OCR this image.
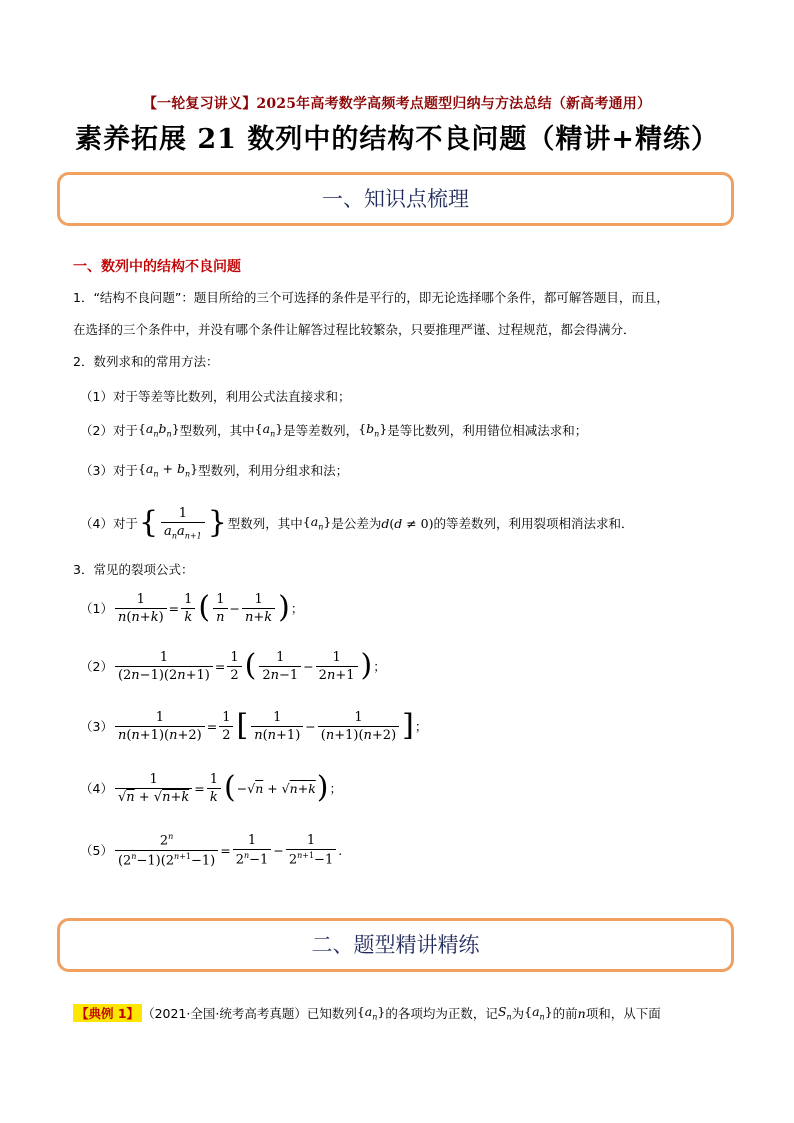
【一轮复习讲义】2025年高考数学高频考点题型归纳与方法总结（新高考通用）
素养拓展 21 数列中的结构不良问题（精讲+精练）
一、知识点梳理
一、数列中的结构不良问题
1．“结构不良问题”：题目所给的三个可选择的条件是平行的，即无论选择哪个条件，都可解答题目，而且，
在选择的三个条件中，并没有哪个条件让解答过程比较繁杂，只要推理严谨、过程规范，都会得满分．
2．数列求和的常用方法：
（1）对于等差等比数列，利用公式法直接求和；
（2）对于 $\{a_nb_n\}$ 型数列，其中 $\{a_n\}$ 是等差数列， $\{b_n\}$ 是等比数列，利用错位相减法求和；
（3）对于 $\{a_n + b_n\}$ 型数列，利用分组求和法；
（4）对于 { $\frac{1}{a_na_{n+1}}$ } 型数列，其中 $\{a_n\}$ 是公差为 d(d ≠ 0) 的等差数列，利用裂项相消法求和．
3．常见的裂项公式：
$(1) \frac{1}{n(n+k)} = \frac{1}{k}$ ( $\frac{1}{n} - \frac{1}{n+k}$ ) ；
$(2) \frac{1}{(2n-1)(2n+1)} = \frac{1}{2}$ ( $\frac{1}{2n-1} - \frac{1}{2n+1}$ ) ；
$(3) \frac{1}{n(n+1)(n+2)} = \frac{1}{2}$ [ $\frac{1}{n(n+1)} - \frac{1}{(n+1)(n+2)}$ ] ；
$(4) \frac{1}{√n + √n+k} = \frac{1}{k}$ ( −√n + √n+k ) ；
$(5) \frac{2^n}{(2^n-1)(2^{n+1}-1)} = \frac{1}{2^n-1} - \frac{1}{2^{n+1}-1}$ .
二、题型精讲精练
【典例 1】 （2021·全国·统考高考真题） 已知数列 $\{a_n\}$ 的各项均为正数，记 $S_n$ 为 $\{a_n\}$ 的前 n 项和，从下面
